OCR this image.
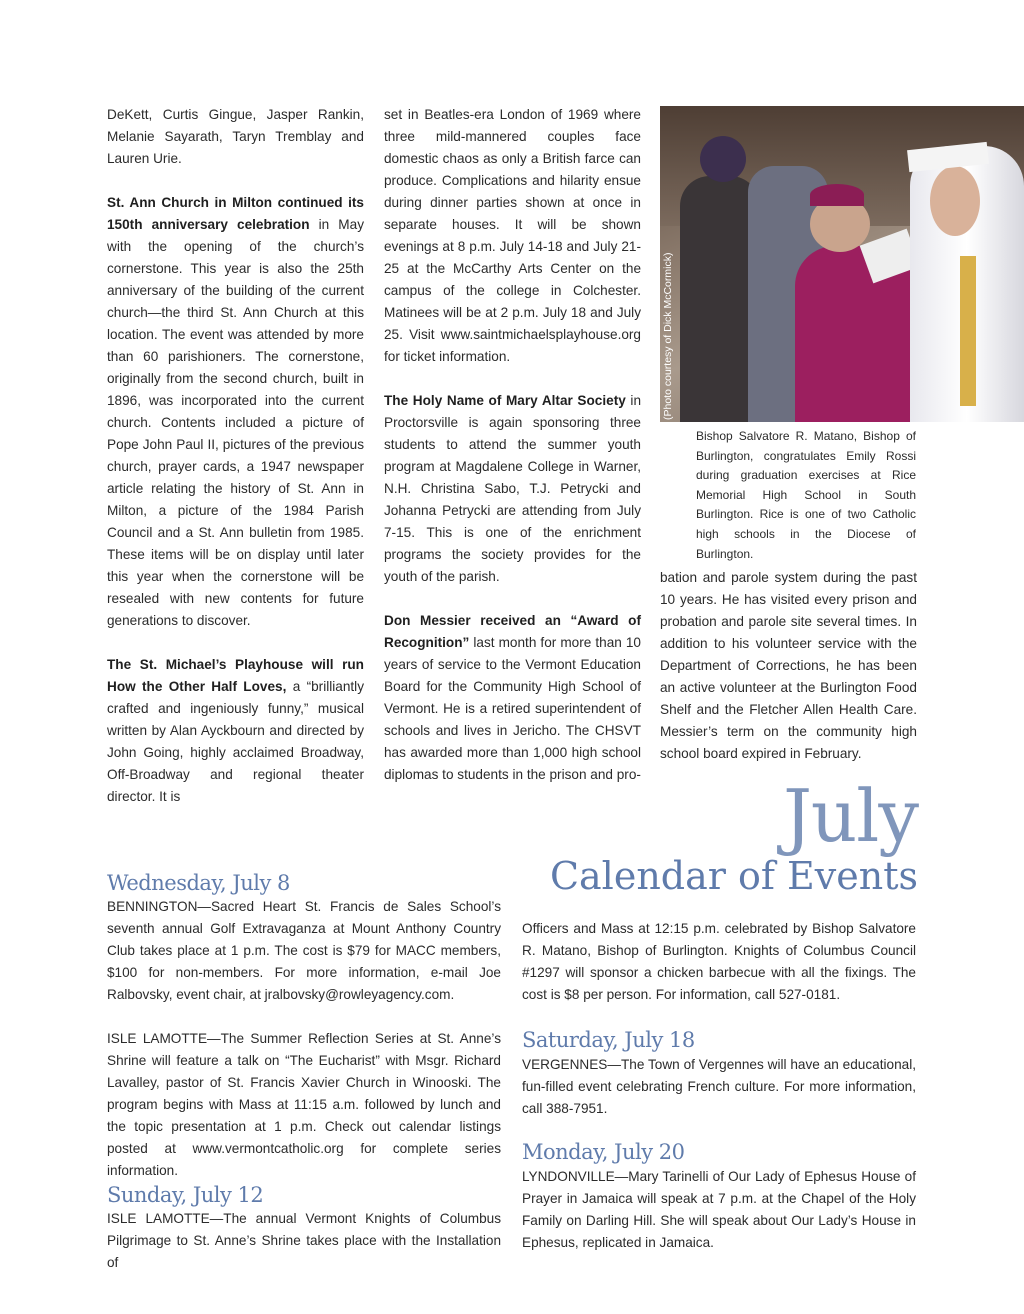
DeKett, Curtis Gingue, Jasper Rankin, Melanie Sayarath, Taryn Tremblay and Lauren Urie.

St. Ann Church in Milton continued its 150th anniversary celebration in May with the opening of the church’s cornerstone. This year is also the 25th anniversary of the building of the current church—the third St. Ann Church at this location. The event was attended by more than 60 parishioners. The cornerstone, originally from the second church, built in 1896, was incorporated into the current church. Contents included a picture of Pope John Paul II, pictures of the previous church, prayer cards, a 1947 newspaper article relating the history of St. Ann in Milton, a picture of the 1984 Parish Council and a St. Ann bulletin from 1985. These items will be on display until later this year when the cornerstone will be resealed with new contents for future generations to discover.

The St. Michael’s Playhouse will run How the Other Half Loves, a “brilliantly crafted and ingeniously funny,” musical written by Alan Ayckbourn and directed by John Going, highly acclaimed Broadway, Off-Broadway and regional theater director. It is

set in Beatles-era London of 1969 where three mild-mannered couples face domestic chaos as only a British farce can produce. Complications and hilarity ensue during dinner parties shown at once in separate houses. It will be shown evenings at 8 p.m. July 14-18 and July 21-25 at the McCarthy Arts Center on the campus of the college in Colchester. Matinees will be at 2 p.m. July 18 and July 25. Visit www.saintmichaelsplayhouse.org for ticket information.

The Holy Name of Mary Altar Society in Proctorsville is again sponsoring three students to attend the summer youth program at Magdalene College in Warner, N.H. Christina Sabo, T.J. Petrycki and Johanna Petrycki are attending from July 7-15. This is one of the enrichment programs the society provides for the youth of the parish.

Don Messier received an “Award of Recognition” last month for more than 10 years of service to the Vermont Education Board for the Community High School of Vermont. He is a retired superintendent of schools and lives in Jericho. The CHSVT has awarded more than 1,000 high school diplomas to students in the prison and pro-

Bishop Salvatore R. Matano, Bishop of Burlington, congratulates Emily Rossi during graduation exercises at Rice Memorial High School in South Burlington. Rice is one of two Catholic high schools in the Diocese of Burlington.

bation and parole system during the past 10 years. He has visited every prison and probation and parole site several times. In addition to his volunteer service with the Department of Corrections, he has been an active volunteer at the Burlington Food Shelf and the Fletcher Allen Health Care. Messier’s term on the community high school board expired in February.

July
Calendar of Events
Wednesday, July 8

BENNINGTON—Sacred Heart St. Francis de Sales School’s seventh annual Golf Extravaganza at Mount Anthony Country Club takes place at 1 p.m. The cost is $79 for MACC members, $100 for non-members. For more information, e-mail Joe Ralbovsky, event chair, at jralbovsky@rowleyagency.com.

ISLE LAMOTTE—The Summer Reflection Series at St. Anne’s Shrine will feature a talk on “The Eucharist” with Msgr. Richard Lavalley, pastor of St. Francis Xavier Church in Winooski. The program begins with Mass at 11:15 a.m. followed by lunch and the topic presentation at 1 p.m. Check out calendar listings posted at www.vermontcatholic.org for complete series information.

Sunday, July 12

ISLE LAMOTTE—The annual Vermont Knights of Columbus Pilgrimage to St. Anne’s Shrine takes place with the Installation of

Officers and Mass at 12:15 p.m. celebrated by Bishop Salvatore R. Matano, Bishop of Burlington. Knights of Columbus Council #1297 will sponsor a chicken barbecue with all the fixings. The cost is $8 per person. For information, call 527-0181.

Saturday, July 18

VERGENNES—The Town of Vergennes will have an educational, fun-filled event celebrating French culture. For more information, call 388-7951.

Monday, July 20

LYNDONVILLE—Mary Tarinelli of Our Lady of Ephesus House of Prayer in Jamaica will speak at 7 p.m. at the Chapel of the Holy Family on Darling Hill. She will speak about Our Lady’s House in Ephesus, replicated in Jamaica.
